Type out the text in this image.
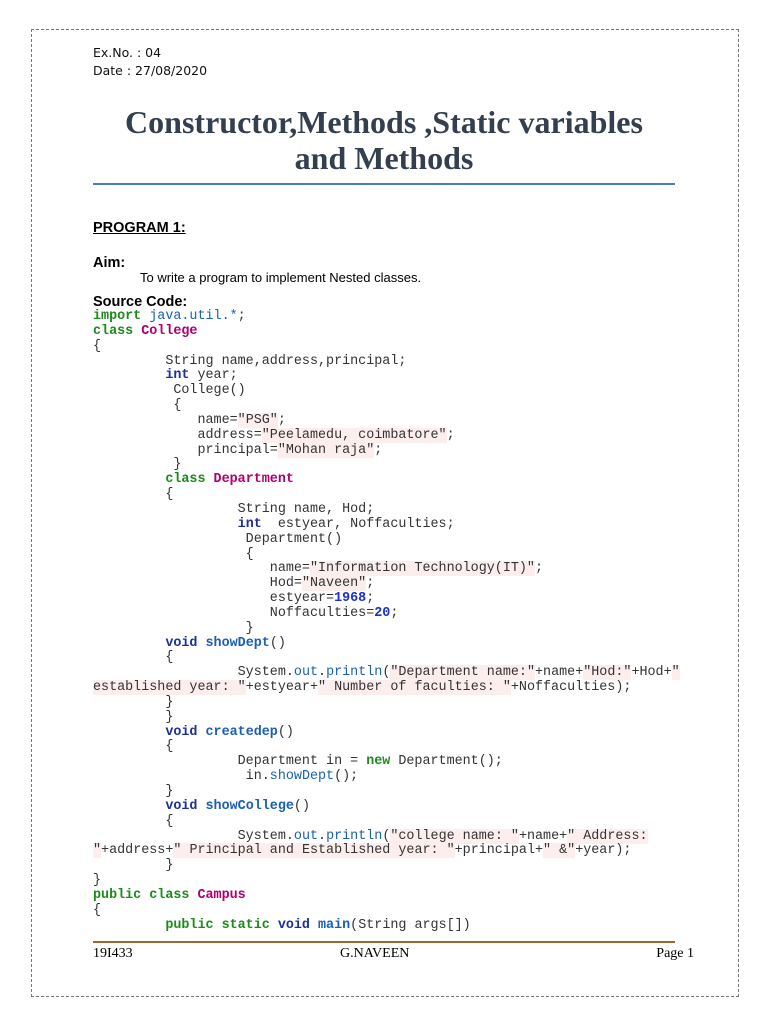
Ex.No. : 04
Date : 27/08/2020
Constructor,Methods ,Static variables
and Methods
PROGRAM 1:
Aim:
To write a program to implement Nested classes.
Source Code:
import java.util.*;
class College
{
String name,address,principal;
int year;
College()
{
name="PSG";
address="Peelamedu, coimbatore";
principal="Mohan raja";
}
class Department
{
String name, Hod;
int  estyear, Noffaculties;
Department()
{
name="Information Technology(IT)";
Hod="Naveen";
estyear=1968;
Noffaculties=20;
}
void showDept()
{
System.out.println("Department name:"+name+"Hod:"+Hod+"
established year: "+estyear+" Number of faculties: "+Noffaculties);
}
}
void createdep()
{
Department in = new Department();
in.showDept();
}
void showCollege()
{
System.out.println("college name: "+name+" Address:
"+address+" Principal and Established year: "+principal+" &"+year);
}
}
public class Campus
{
public static void main(String args[])
19I433	G.NAVEEN	Page 1
